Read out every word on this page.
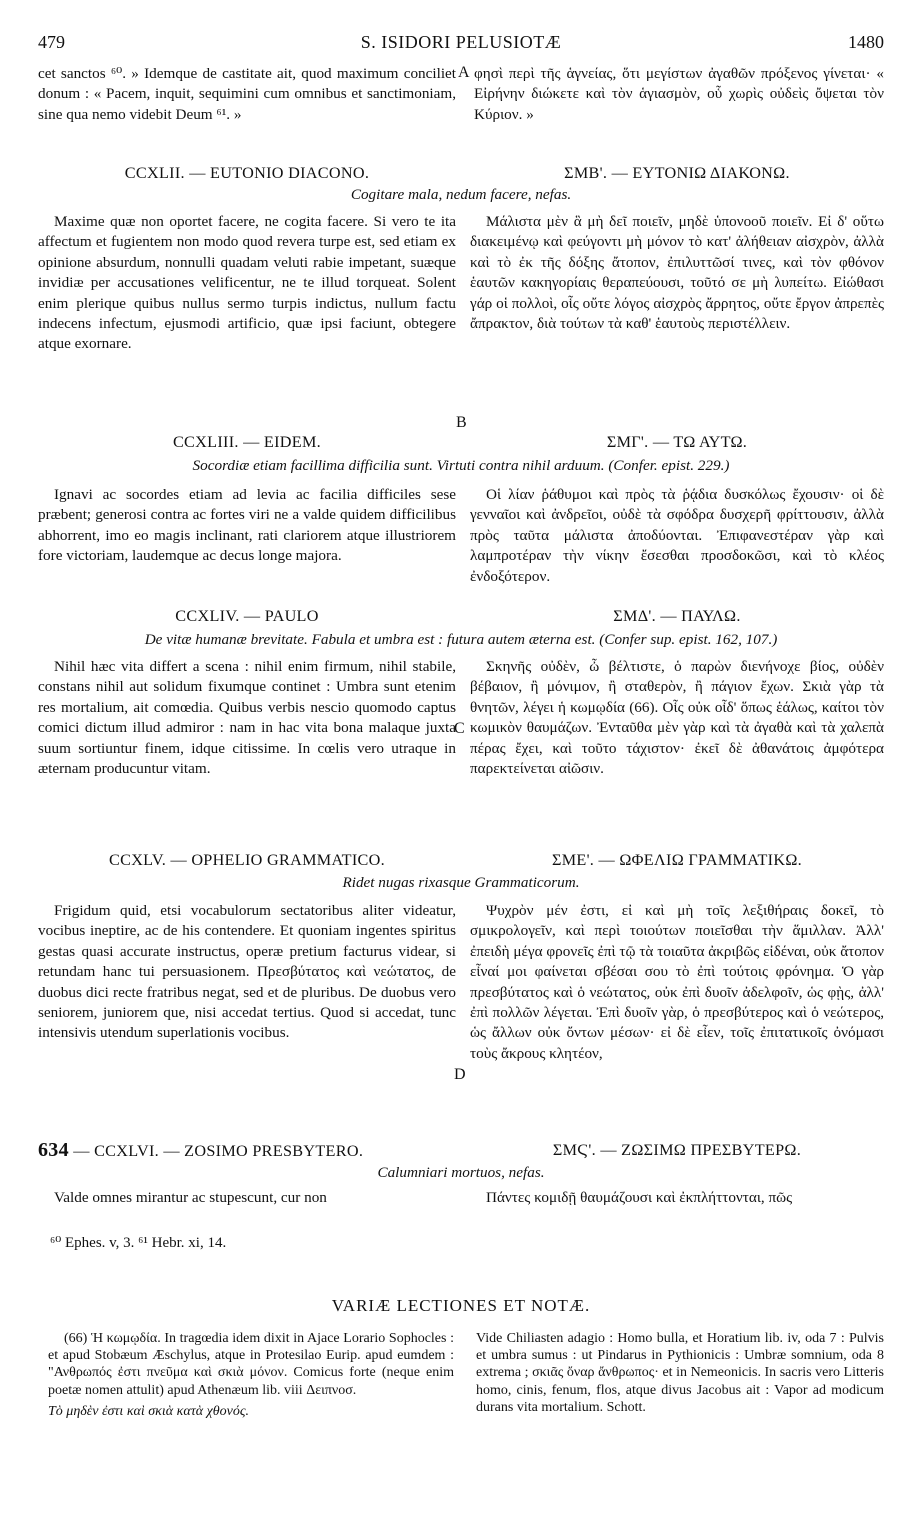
479	S. ISIDORI PELUSIOTÆ	1480

cet sanctos ⁶⁰. » Idemque de castitate ait, quod maximum conciliet donum : « Pacem, inquit, sequimini cum omnibus et sanctimoniam, sine qua nemo videbit Deum ⁶¹. »

A φησὶ περὶ τῆς ἁγνείας, ὅτι μεγίστων ἀγαθῶν πρόξενος γίνεται· « Εἰρήνην διώκετε καὶ τὸν ἁγιασμὸν, οὗ χωρὶς οὐδεὶς ὄψεται τὸν Κύριον. »

CCXLII. — EUTONIO DIACONO.	ΣΜΒ'. — ΕΥΤΟΝΙΩ ΔΙΑΚΟΝΩ.
Cogitare mala, nedum facere, nefas.

Maxime quæ non oportet facere, ne cogita facere. Si vero te ita affectum et fugientem non modo quod revera turpe est, sed etiam ex opinione absurdum, nonnulli quadam veluti rabie impetant, suæque invidiæ per accusationes velificentur, ne te illud torqueat. Solent enim plerique quibus nullus sermo turpis indictus, nullum factu indecens infectum, ejusmodi artificio, quæ ipsi faciunt, obtegere atque exornare.

Μάλιστα μὲν ἃ μὴ δεῖ ποιεῖν, μηδὲ ὑπονοοῦ ποιεῖν. Εἰ δ' οὕτω διακειμένῳ καὶ φεύγοντι μὴ μόνον τὸ κατ' ἀλήθειαν αἰσχρὸν, ἀλλὰ καὶ τὸ ἐκ τῆς δόξης ἄτοπον, ἐπιλυττῶσί τινες, καὶ τὸν φθόνον ἑαυτῶν κακηγορίαις θεραπεύουσι, τοῦτό σε μὴ λυπείτω. Εἰώθασι γάρ οἱ πολλοὶ, οἷς οὔτε λόγος αἰσχρὸς ἄρρητος, οὔτε ἔργον ἀπρεπὲς ἄπρακτον, διὰ τούτων τὰ καθ' ἑαυτοὺς περιστέλλειν.

B
CCXLIII. — EIDEM.	ΣΜΓ'. — ΤΩ ΑΥΤΩ.
Socordiæ etiam facillima difficilia sunt. Virtuti contra nihil arduum. (Confer. epist. 229.)

Ignavi ac socordes etiam ad levia ac facilia difficiles sese præbent; generosi contra ac fortes viri ne a valde quidem difficilibus abhorrent, imo eo magis inclinant, rati clariorem atque illustriorem fore victoriam, laudemque ac decus longe majora.

Οἱ λίαν ῥάθυμοι καὶ πρὸς τὰ ῥᾴδια δυσκόλως ἔχουσιν· οἱ δὲ γενναῖοι καὶ ἀνδρεῖοι, οὐδὲ τὰ σφόδρα δυσχερῆ φρίττουσιν, ἀλλὰ πρὸς ταῦτα μάλιστα ἀποδύονται. Ἐπιφανεστέραν γὰρ καὶ λαμπροτέραν τὴν νίκην ἔσεσθαι προσδοκῶσι, καὶ τὸ κλέος ἐνδοξότερον.

CCXLIV. — PAULO	ΣΜΔ'. — ΠΑΥΛΩ.
De vitæ humanæ brevitate. Fabula et umbra est : futura autem æterna est. (Confer sup. epist. 162, 107.)

Nihil hæc vita differt a scena : nihil enim firmum, nihil stabile, constans nihil aut solidum fixumque continet : Umbra sunt etenim res mortalium, ait comœdia. Quibus verbis nescio quomodo captus comici dictum illud admiror : nam in hac vita bona malaque juxta suum sortiuntur finem, idque citissime. In cœlis vero utraque in æternam producuntur vitam.

C

Σκηνῆς οὐδὲν, ὦ βέλτιστε, ὁ παρὼν διενήνοχε βίος, οὐδὲν βέβαιον, ἢ μόνιμον, ἢ σταθερὸν, ἢ πάγιον ἔχων. Σκιὰ γὰρ τὰ θνητῶν, λέγει ἡ κωμῳδία (66). Οἷς οὐκ οἶδ' ὅπως ἑάλως, καίτοι τὸν κωμικὸν θαυμάζων. Ἐνταῦθα μὲν γὰρ καὶ τὰ ἀγαθὰ καὶ τὰ χαλεπὰ πέρας ἔχει, καὶ τοῦτο τάχιστον· ἐκεῖ δὲ ἀθανάτοις ἀμφότερα παρεκτείνεται αἰῶσιν.

CCXLV. — OPHELIO GRAMMATICO.	ΣΜΕ'. — ΩΦΕΛΙΩ ΓΡΑΜΜΑΤΙΚΩ.
Ridet nugas rixasque Grammaticorum.

Frigidum quid, etsi vocabulorum sectatoribus aliter videatur, vocibus ineptire, ac de his contendere. Et quoniam ingentes spiritus gestas quasi accurate instructus, operæ pretium facturus videar, si retundam hanc tui persuasionem. Πρεσβύτατος καὶ νεώτατος, de duobus dici recte fratribus negat, sed et de pluribus. De duobus vero seniorem, juniorem que, nisi accedat tertius. Quod si accedat, tunc intensivis utendum superlationis vocibus.

D

Ψυχρὸν μέν ἐστι, εἰ καὶ μὴ τοῖς λεξιθήραις δοκεῖ, τὸ σμικρολογεῖν, καὶ περὶ τοιούτων ποιεῖσθαι τὴν ἅμιλλαν. Ἀλλ' ἐπειδὴ μέγα φρονεῖς ἐπὶ τῷ τὰ τοιαῦτα ἀκριβῶς εἰδέναι, οὐκ ἄτοπον εἶναί μοι φαίνεται σβέσαι σου τὸ ἐπὶ τούτοις φρόνημα. Ὁ γὰρ πρεσβύτατος καὶ ὁ νεώτατος, οὐκ ἐπὶ δυοῖν ἀδελφοῖν, ὡς φῂς, ἀλλ' ἐπὶ πολλῶν λέγεται. Ἐπὶ δυοῖν γὰρ, ὁ πρεσβύτερος καὶ ὁ νεώτερος, ὡς ἄλλων οὐκ ὄντων μέσων· εἰ δὲ εἶεν, τοῖς ἐπιτατικοῖς ὀνόμασι τοὺς ἄκρους κλητέον,

634 — CCXLVI. — ZOSIMO PRESBYTERO.	ΣΜϚ'. — ΖΩΣΙΜΩ ΠΡΕΣΒΥΤΕΡΩ.
Calumniari mortuos, nefas.

Valde omnes mirantur ac stupescunt, cur non	Πάντες κομιδῇ θαυμάζουσι καὶ ἐκπλήττονται, πῶς

⁶⁰ Ephes. v, 3. ⁶¹ Hebr. xi, 14.
VARIÆ LECTIONES ET NOTÆ.

(66) Ἡ κωμῳδία. In tragœdia idem dixit in Ajace Lorario Sophocles : et apud Stobæum Æschylus, atque in Protesilao Eurip. apud eumdem : "Ανθρωπός ἐστι πνεῦμα καὶ σκιὰ μόνον. Comicus forte (neque enim poetæ nomen attulit) apud Athenæum lib. viii Δειπνοσ.

Τὸ μηδὲν ἐστι καὶ σκιὰ κατὰ χθονός.

Vide Chiliasten adagio : Homo bulla, et Horatium lib. iv, oda 7 : Pulvis et umbra sumus : ut Pindarus in Pythionicis : Umbræ somnium, oda 8 extrema ; σκιᾶς ὄναρ ἄνθρωπος· et in Nemeonicis. In sacris vero Litteris homo, cinis, fenum, flos, atque divus Jacobus ait : Vapor ad modicum durans vita mortalium. Schott.
